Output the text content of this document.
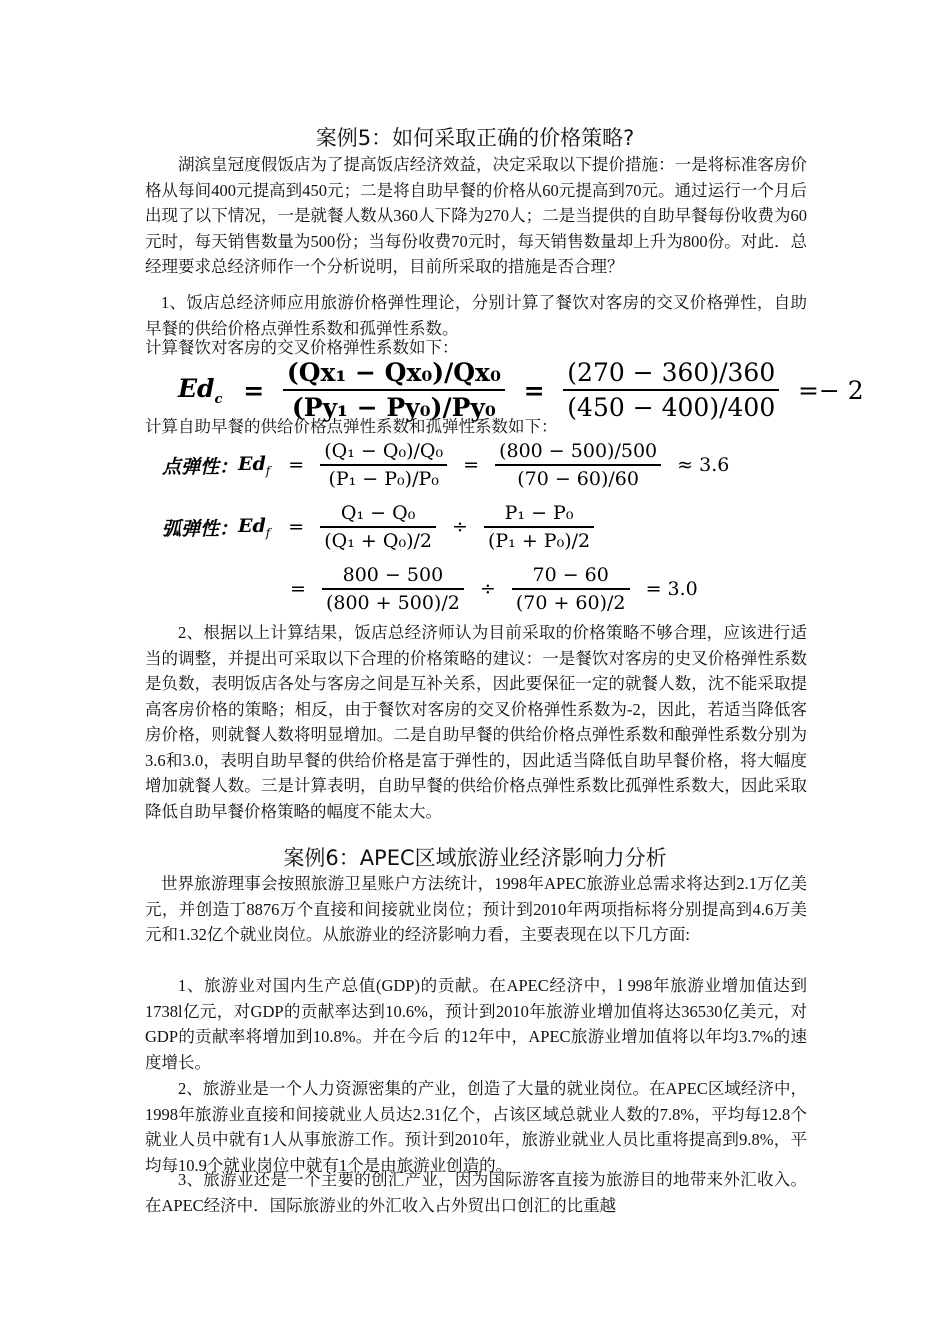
案例5：如何采取正确的价格策略?

湖滨皇冠度假饭店为了提高饭店经济效益，决定采取以下提价措施：一是将标准客房价格从每间400元提高到450元；二是将自助早餐的价格从60元提高到70元。通过运行一个月后出现了以下情况，一是就餐人数从360人下降为270人；二是当提供的自助早餐每份收费为60元时，每天销售数量为500份；当每份收费70元时，每天销售数量却上升为800份。对此．总经理要求总经济师作一个分析说明，目前所采取的措施是否合理？

1、饭店总经济师应用旅游价格弹性理论，分别计算了餐饮对客房的交叉价格弹性，自助早餐的供给价格点弹性系数和孤弹性系数。

计算餐饮对客房的交叉价格弹性系数如下：
$Ed_c = \frac{\text{(Qx₁ − Qx₀)/Qx₀}}{\text{(Py₁ − Py₀)/Py₀}} = \frac{(270 - 360)/360}{(450 - 400)/400} =- 2$
计算自助早餐的供给价格点弹性系数和孤弹性系数如下：
点弹性：$Ed_f = \frac{\text{(Q₁ − Q₀)/Q₀}}{\text{(P₁ − P₀)/P₀}} = \frac{(800 - 500)/500}{(70 - 60)/60} \approx 3.6$
弧弹性：$Ed_f = \frac{\text{Q₁ − Q₀}}{\text{(Q₁ + Q₀)/2}} \div \frac{\text{P₁ − P₀}}{\text{(P₁ + P₀)/2}}$
= $\frac{800 - 500}{(800 + 500)/2} \div \frac{70 - 60}{(70 + 60)/2} = 3.0$

2、根据以上计算结果，饭店总经济师认为目前采取的价格策略不够合理，应该进行适当的调整，并提出可采取以下合理的价格策略的建议：一是餐饮对客房的史叉价格弹性系数是负数，表明饭店各处与客房之间是互补关系，因此要保征一定的就餐人数，沈不能采取提高客房价格的策略；相反，由于餐饮对客房的交叉价格弹性系数为-2，因此，若适当降低客房价格，则就餐人数将明显增加。二是自助早餐的供给价格点弹性系数和酿弹性系数分别为3.6和3.0，表明自助早餐的供给价格是富于弹性的，因此适当降低自助早餐价格，将大幅度增加就餐人数。三是计算表明，自助早餐的供给价格点弹性系数比孤弹性系数大，因此采取降低自助早餐价格策略的幅度不能太大。

案例6：APEC区域旅游业经济影响力分析

世界旅游理事会按照旅游卫星账户方法统计，1998年APEC旅游业总需求将达到2.1万亿美元，并创造丁8876万个直接和间接就业岗位；预计到2010年两项指标将分别提高到4.6万美元和1.32亿个就业岗位。从旅游业的经济影响力看，主要表现在以下几方面:

1、旅游业对国内生产总值(GDP)的贡献。在APEC经济中，l 998年旅游业增加值达到1738l亿元，对GDP的贡献率达到10.6%，预计到2010年旅游业增加值将达36530亿美元，对GDP的贡献率将增加到10.8%。并在今后 的12年中，APEC旅游业增加值将以年均3.7%的速度增长。

2、旅游业是一个人力资源密集的产业，创造了大量的就业岗位。在APEC区域经济中，1998年旅游业直接和间接就业人员达2.31亿个，占该区域总就业人数的7.8%，平均每12.8个就业人员中就有1人从事旅游工作。预计到2010年，旅游业就业人员比重将提高到9.8%，平均每10.9个就业岗位中就有1个是由旅游业创造的。

3、旅游业还是一个主要的创汇产业，因为国际游客直接为旅游目的地带来外汇收入。在APEC经济中．国际旅游业的外汇收入占外贸出口创汇的比重越
